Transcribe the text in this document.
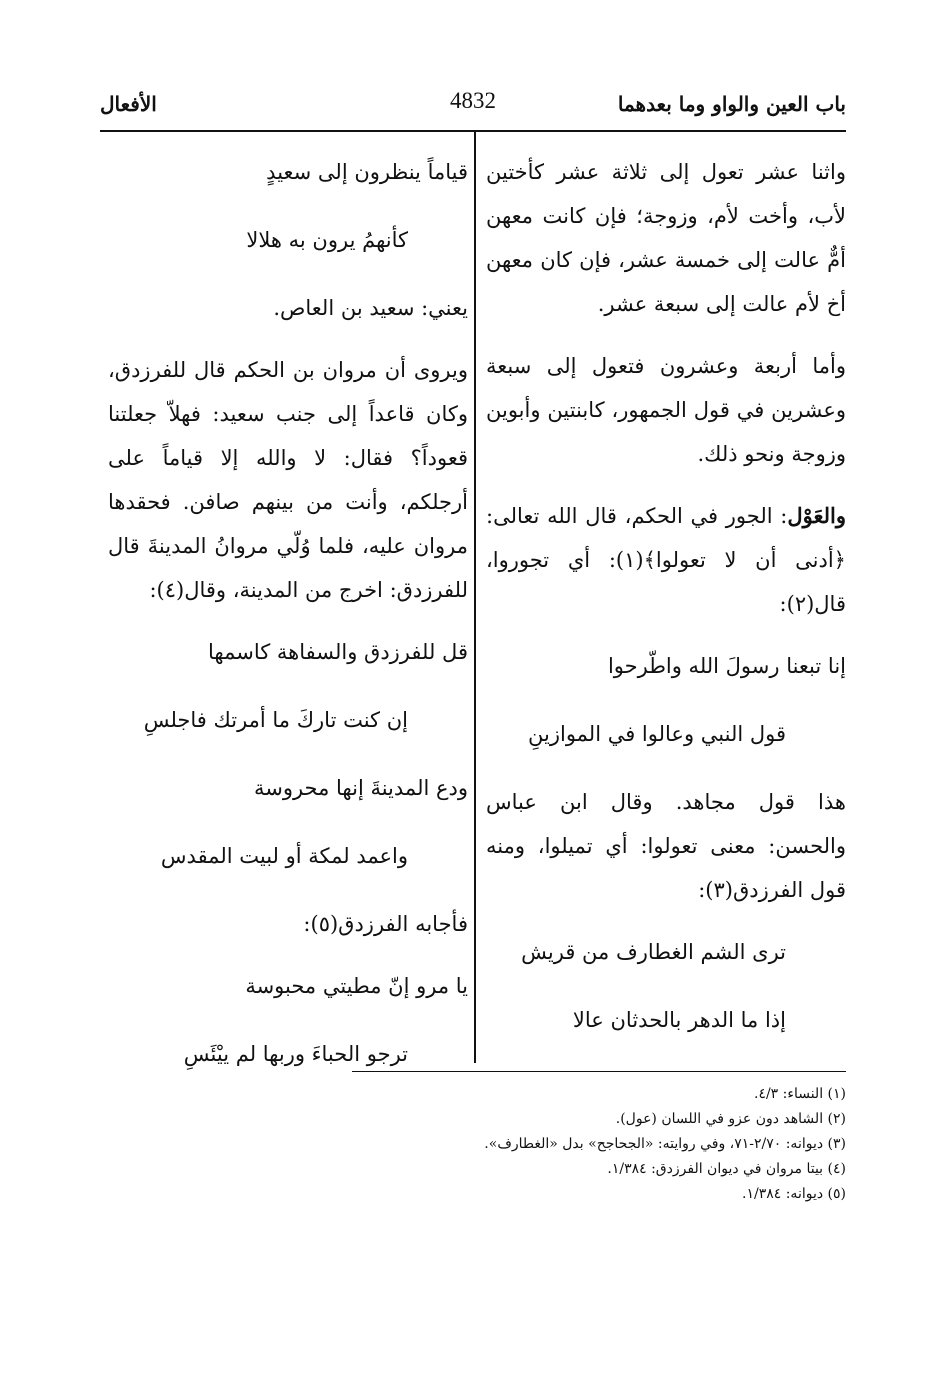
باب العين والواو وما بعدهما
4832
الأفعال

واثنا عشر تعول إلى ثلاثة عشر كأختين لأب، وأخت لأم، وزوجة؛ فإن كانت معهن أمٌّ عالت إلى خمسة عشر، فإن كان معهن أخ لأم عالت إلى سبعة عشر.

وأما أربعة وعشرون فتعول إلى سبعة وعشرين في قول الجمهور، كابنتين وأبوين وزوجة ونحو ذلك.

والعَوْل: الجور في الحكم، قال الله تعالى: ﴿أدنى أن لا تعولوا﴾(١): أي تجوروا، قال(٢):

إنا تبعنا رسولَ الله واطّرحوا
قول النبي وعالوا في الموازينِ

هذا قول مجاهد. وقال ابن عباس والحسن: معنى تعولوا: أي تميلوا، ومنه قول الفرزدق(٣):

ترى الشم الغطارف من قريش
إذا ما الدهر بالحدثان عالا
قياماً ينظرون إلى سعيدٍ
كأنهمُ يرون به هلالا

يعني: سعيد بن العاص.

ويروى أن مروان بن الحكم قال للفرزدق، وكان قاعداً إلى جنب سعيد: فهلاّ جعلتنا قعوداً؟ فقال: لا والله إلا قياماً على أرجلكم، وأنت من بينهم صافن. فحقدها مروان عليه، فلما وُلّي مروانُ المدينةَ قال للفرزدق: اخرج من المدينة، وقال(٤):

قل للفرزدق والسفاهة كاسمها
إن كنت تاركَ ما أمرتك فاجلسِ
ودع المدينةَ إنها محروسة
واعمد لمكة أو لبيت المقدس

فأجابه الفرزدق(٥):

يا مرو إنّ مطيتي محبوسة
ترجو الحباءَ وربها لم ييْئَسِ
(١) النساء: ٤/٣.
(٢) الشاهد دون عزو في اللسان (عول).
(٣) ديوانه: ٢/٧٠-٧١، وفي روايته: «الجحاجح» بدل «الغطارف».
(٤) بيتا مروان في ديوان الفرزدق: ١/٣٨٤.
(٥) ديوانه: ١/٣٨٤.
